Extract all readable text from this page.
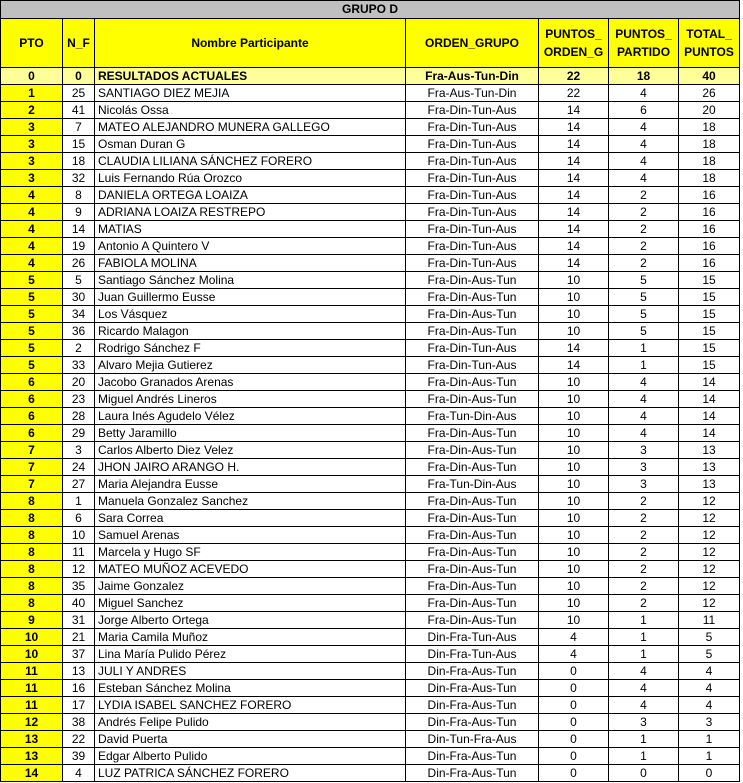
GRUPO D						
PTO	N_F	Nombre Participante	ORDEN_GRUPO	PUNTOS_ ORDEN_G	PUNTOS_ PARTIDO	TOTAL_ PUNTOS
0	0	RESULTADOS ACTUALES	Fra-Aus-Tun-Din	22	18	40
1	25	SANTIAGO DIEZ MEJIA	Fra-Aus-Tun-Din	22	4	26
2	41	Nicolás Ossa	Fra-Din-Tun-Aus	14	6	20
3	7	MATEO ALEJANDRO MUNERA GALLEGO	Fra-Din-Tun-Aus	14	4	18
3	15	Osman Duran G	Fra-Din-Tun-Aus	14	4	18
3	18	CLAUDIA LILIANA SÁNCHEZ FORERO	Fra-Din-Tun-Aus	14	4	18
3	32	Luis Fernando Rúa Orozco	Fra-Din-Tun-Aus	14	4	18
4	8	DANIELA ORTEGA LOAIZA	Fra-Din-Tun-Aus	14	2	16
4	9	ADRIANA LOAIZA RESTREPO	Fra-Din-Tun-Aus	14	2	16
4	14	MATIAS	Fra-Din-Tun-Aus	14	2	16
4	19	Antonio A Quintero V	Fra-Din-Tun-Aus	14	2	16
4	26	FABIOLA MOLINA	Fra-Din-Tun-Aus	14	2	16
5	5	Santiago Sánchez Molina	Fra-Din-Aus-Tun	10	5	15
5	30	Juan Guillermo Eusse	Fra-Din-Aus-Tun	10	5	15
5	34	Los Vásquez	Fra-Din-Aus-Tun	10	5	15
5	36	Ricardo Malagon	Fra-Din-Aus-Tun	10	5	15
5	2	Rodrigo Sánchez F	Fra-Din-Tun-Aus	14	1	15
5	33	Alvaro Mejia Gutierez	Fra-Din-Tun-Aus	14	1	15
6	20	Jacobo Granados Arenas	Fra-Din-Aus-Tun	10	4	14
6	23	Miguel Andrés Lineros	Fra-Din-Aus-Tun	10	4	14
6	28	Laura Inés Agudelo Vélez	Fra-Tun-Din-Aus	10	4	14
6	29	Betty Jaramillo	Fra-Din-Aus-Tun	10	4	14
7	3	Carlos Alberto Diez Velez	Fra-Din-Aus-Tun	10	3	13
7	24	JHON JAIRO ARANGO H.	Fra-Din-Aus-Tun	10	3	13
7	27	Maria Alejandra Eusse	Fra-Tun-Din-Aus	10	3	13
8	1	Manuela Gonzalez Sanchez	Fra-Din-Aus-Tun	10	2	12
8	6	Sara Correa	Fra-Din-Aus-Tun	10	2	12
8	10	Samuel Arenas	Fra-Din-Aus-Tun	10	2	12
8	11	Marcela y Hugo SF	Fra-Din-Aus-Tun	10	2	12
8	12	MATEO MUÑOZ ACEVEDO	Fra-Din-Aus-Tun	10	2	12
8	35	Jaime Gonzalez	Fra-Din-Aus-Tun	10	2	12
8	40	Miguel Sanchez	Fra-Din-Aus-Tun	10	2	12
9	31	Jorge Alberto Ortega	Fra-Din-Aus-Tun	10	1	11
10	21	Maria Camila Muñoz	Din-Fra-Tun-Aus	4	1	5
10	37	Lina María Pulido Pérez	Din-Fra-Tun-Aus	4	1	5
11	13	JULI Y ANDRES	Din-Fra-Aus-Tun	0	4	4
11	16	Esteban Sánchez Molina	Din-Fra-Aus-Tun	0	4	4
11	17	LYDIA ISABEL SANCHEZ FORERO	Din-Fra-Aus-Tun	0	4	4
12	38	Andrés Felipe Pulido	Din-Fra-Aus-Tun	0	3	3
13	22	David Puerta	Din-Tun-Fra-Aus	0	1	1
13	39	Edgar Alberto Pulido	Din-Fra-Aus-Tun	0	1	1
14	4	LUZ PATRICA SÁNCHEZ FORERO	Din-Fra-Aus-Tun	0	0	0
